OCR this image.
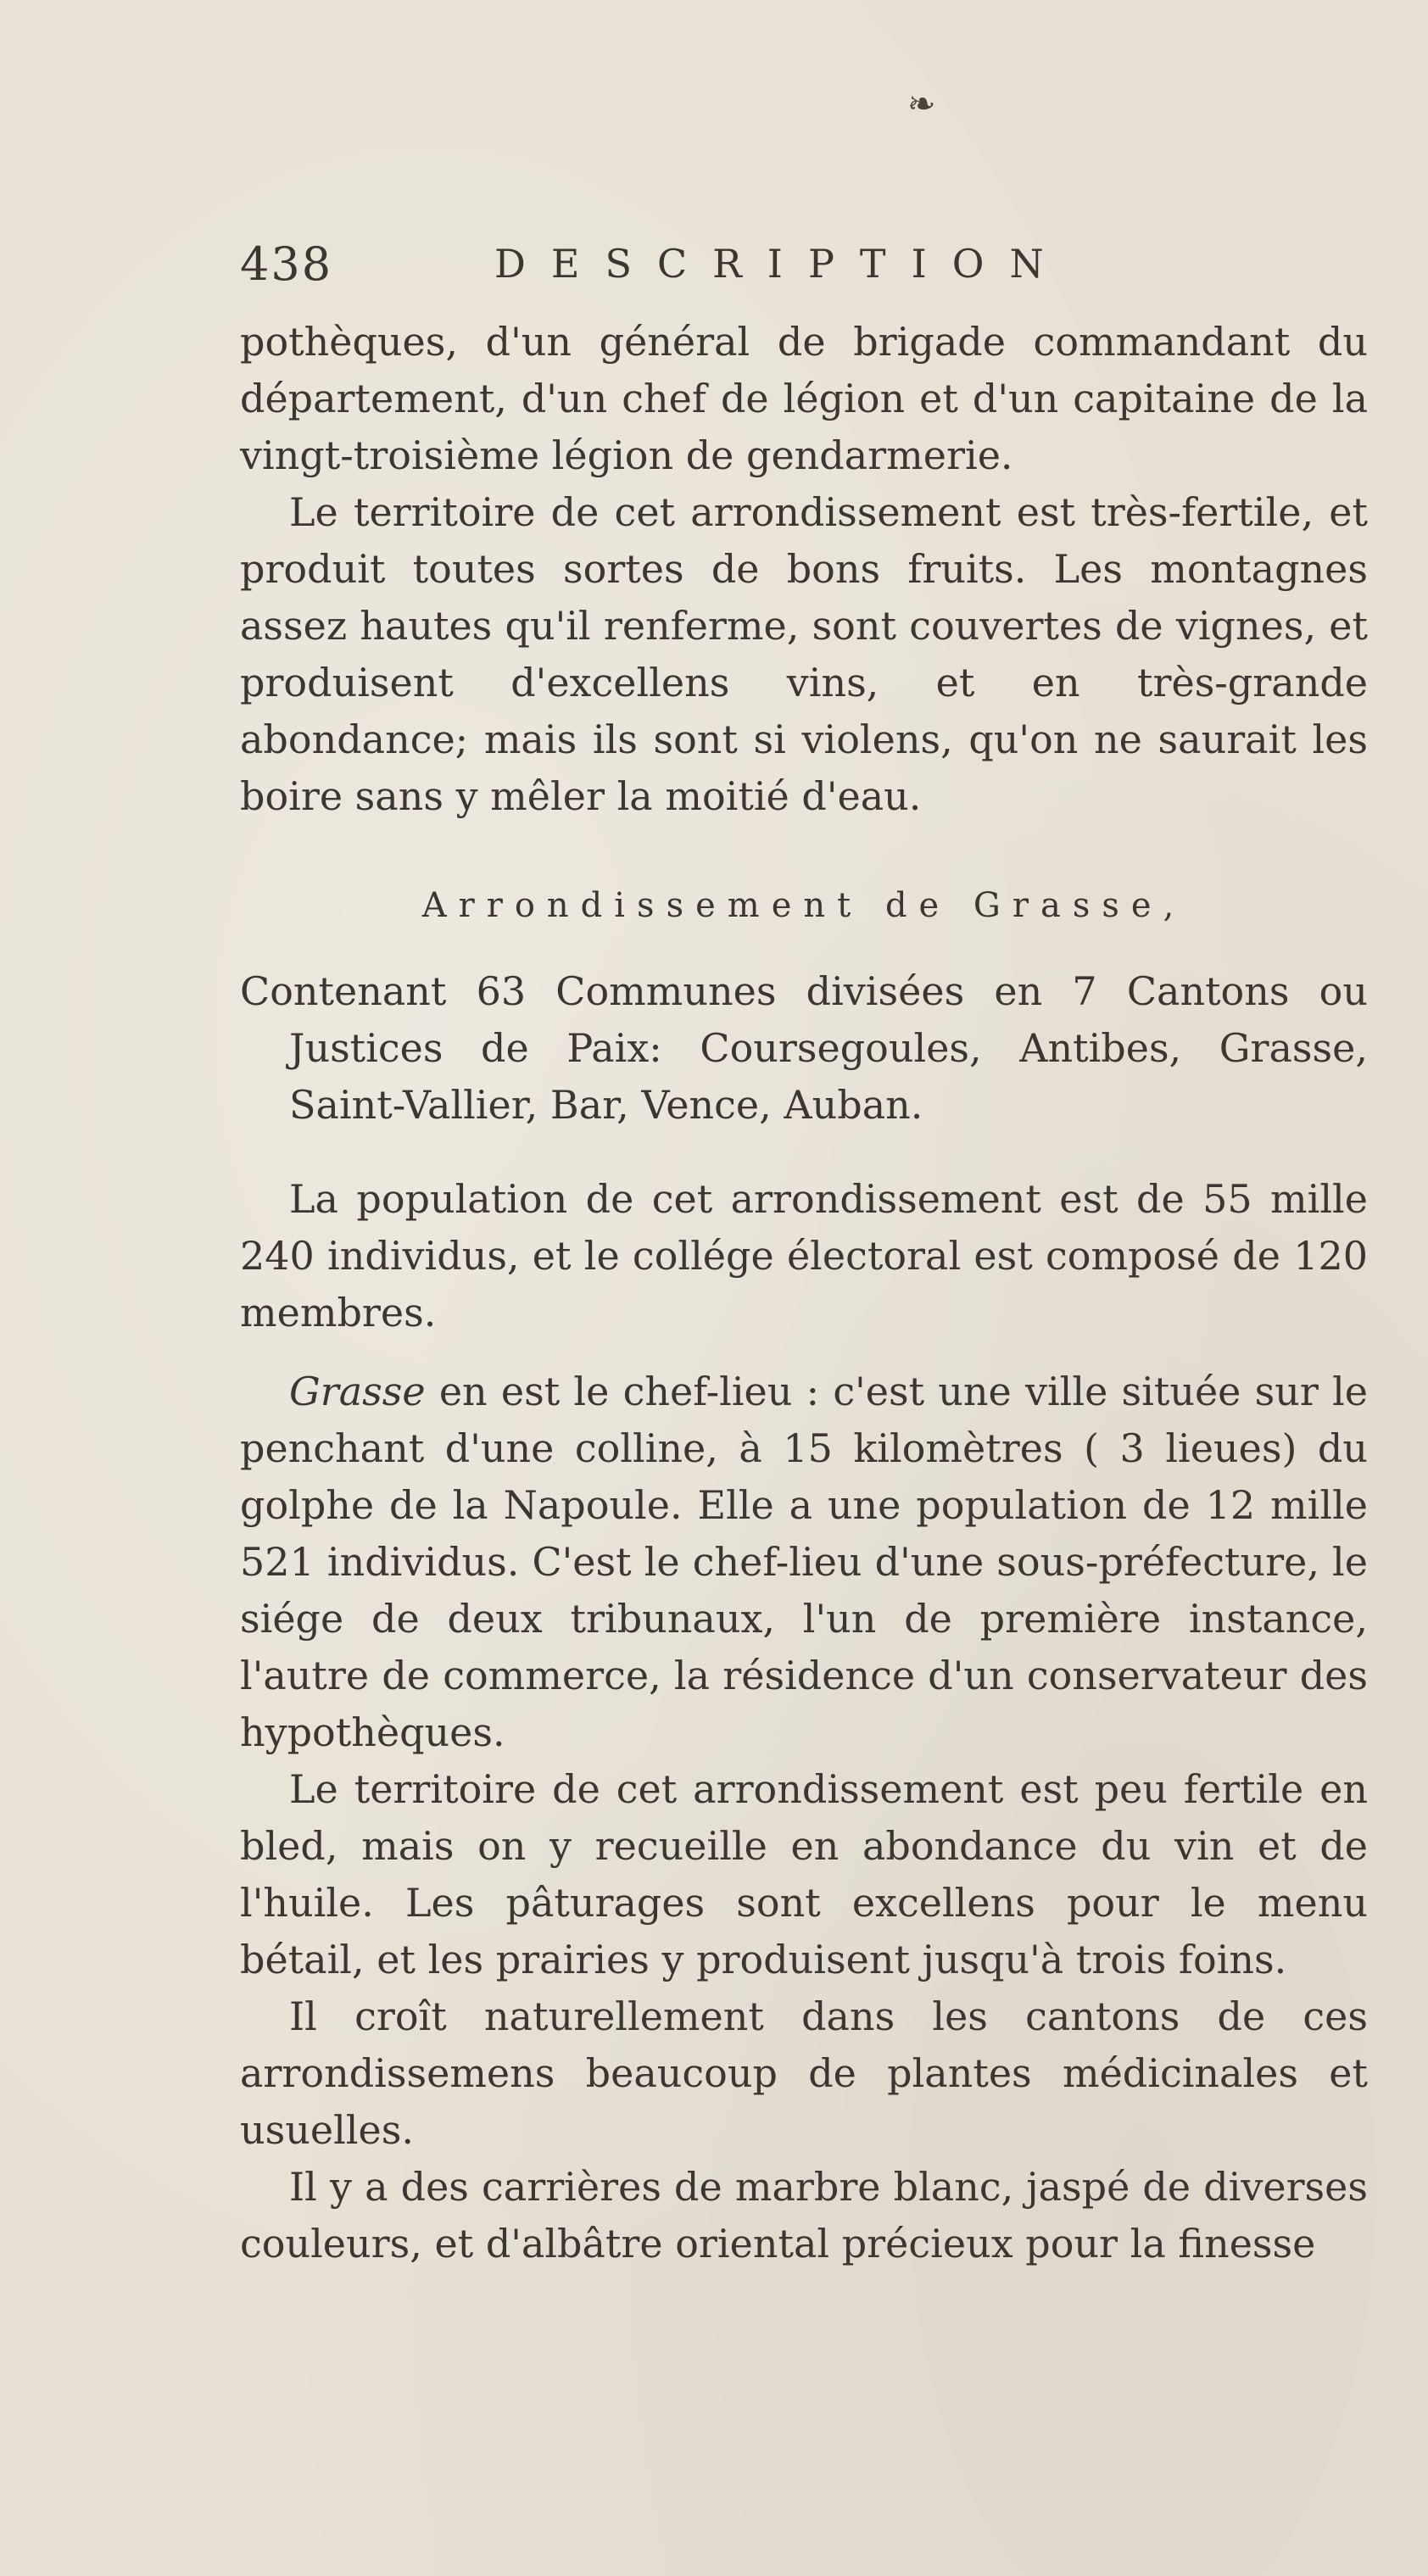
❧
438	DESCRIPTION

pothèques, d'un général de brigade commandant du département, d'un chef de légion et d'un capitaine de la vingt-troisième légion de gendarmerie.

Le territoire de cet arrondissement est très-fertile, et produit toutes sortes de bons fruits. Les montagnes assez hautes qu'il renferme, sont couvertes de vignes, et produisent d'excellens vins, et en très-grande abondance; mais ils sont si violens, qu'on ne saurait les boire sans y mêler la moitié d'eau.

Arrondissement de Grasse,

Contenant 63 Communes divisées en 7 Cantons ou Justices de Paix: Coursegoules, Antibes, Grasse, Saint-Vallier, Bar, Vence, Auban.

La population de cet arrondissement est de 55 mille 240 individus, et le collége électoral est composé de 120 membres.

Grasse en est le chef-lieu : c'est une ville située sur le penchant d'une colline, à 15 kilomètres ( 3 lieues) du golphe de la Napoule. Elle a une population de 12 mille 521 individus. C'est le chef-lieu d'une sous-préfecture, le siége de deux tribunaux, l'un de première instance, l'autre de commerce, la résidence d'un conservateur des hypothèques.

Le territoire de cet arrondissement est peu fertile en bled, mais on y recueille en abondance du vin et de l'huile. Les pâturages sont excellens pour le menu bétail, et les prairies y produisent jusqu'à trois foins.

Il croît naturellement dans les cantons de ces arrondissemens beaucoup de plantes médicinales et usuelles.

Il y a des carrières de marbre blanc, jaspé de diverses couleurs, et d'albâtre oriental précieux pour la finesse
